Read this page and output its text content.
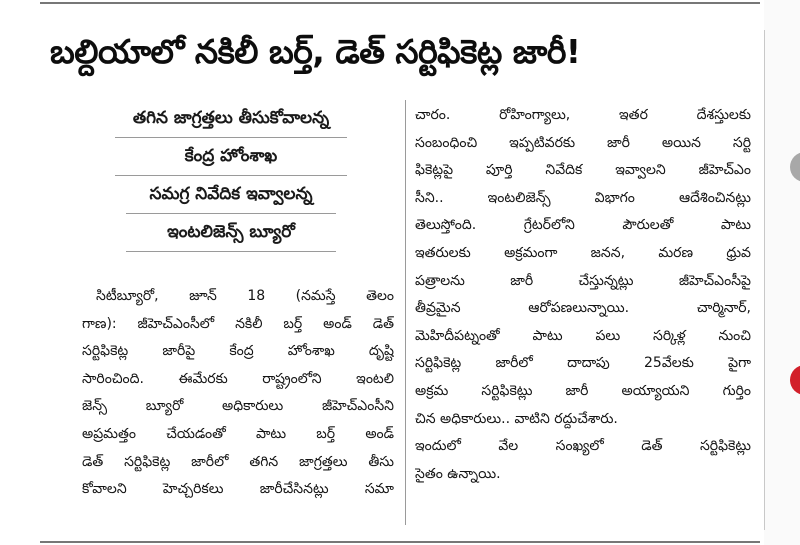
బల్దియాలో నకిలీ బర్త్, డెత్ సర్టిఫికెట్ల జారీ!
తగిన జాగ్రత్తలు తీసుకోవాలన్న
కేంద్ర హోంశాఖ
సమగ్ర నివేదిక ఇవ్వాలన్న
ఇంటలిజెన్స్ బ్యూరో
సిటీబ్యూరో, జూన్ 18 (నమస్తే తెలం
గాణ): జీహెచ్ఎంసీలో నకిలీ బర్త్ అండ్ డెత్
సర్టిఫికెట్ల జారీపై కేంద్ర హోంశాఖ దృష్టి
సారించింది. ఈమేరకు రాష్ట్రంలోని ఇంటలి
జెన్స్ బ్యూరో అధికారులు జీహెచ్ఎంసీని
అప్రమత్తం చేయడంతో పాటు బర్త్ అండ్
డెత్ సర్టిఫికెట్ల జారీలో తగిన జాగ్రత్తలు తీసు
కోవాలని హెచ్చరికలు జారీచేసినట్లు సమా
చారం. రోహింగ్యాలు, ఇతర దేశస్తులకు
సంబంధించి ఇప్పటివరకు జారీ అయిన సర్టి
ఫికెట్లపై పూర్తి నివేదిక ఇవ్వాలని జీహెచ్ఎం
సీని.. ఇంటలిజెన్స్ విభాగం ఆదేశించినట్లు
తెలుస్తోంది. గ్రేటర్‌లోని పౌరులతో పాటు
ఇతరులకు అక్రమంగా జనన, మరణ ధ్రువ
పత్రాలను జారీ చేస్తున్నట్లు జీహెచ్ఎంసీపై
తీవ్రమైన ఆరోపణలున్నాయి. చార్మినార్,
మెహిదీపట్నంతో పాటు పలు సర్కిళ్ల నుంచి
సర్టిఫికెట్ల జారీలో దాదాపు 25వేలకు పైగా
అక్రమ సర్టిఫికెట్లు జారీ అయ్యాయని గుర్తిం
చిన అధికారులు.. వాటిని రద్దుచేశారు.
ఇందులో వేల సంఖ్యలో డెత్ సర్టిఫికెట్లు
సైతం ఉన్నాయి.
